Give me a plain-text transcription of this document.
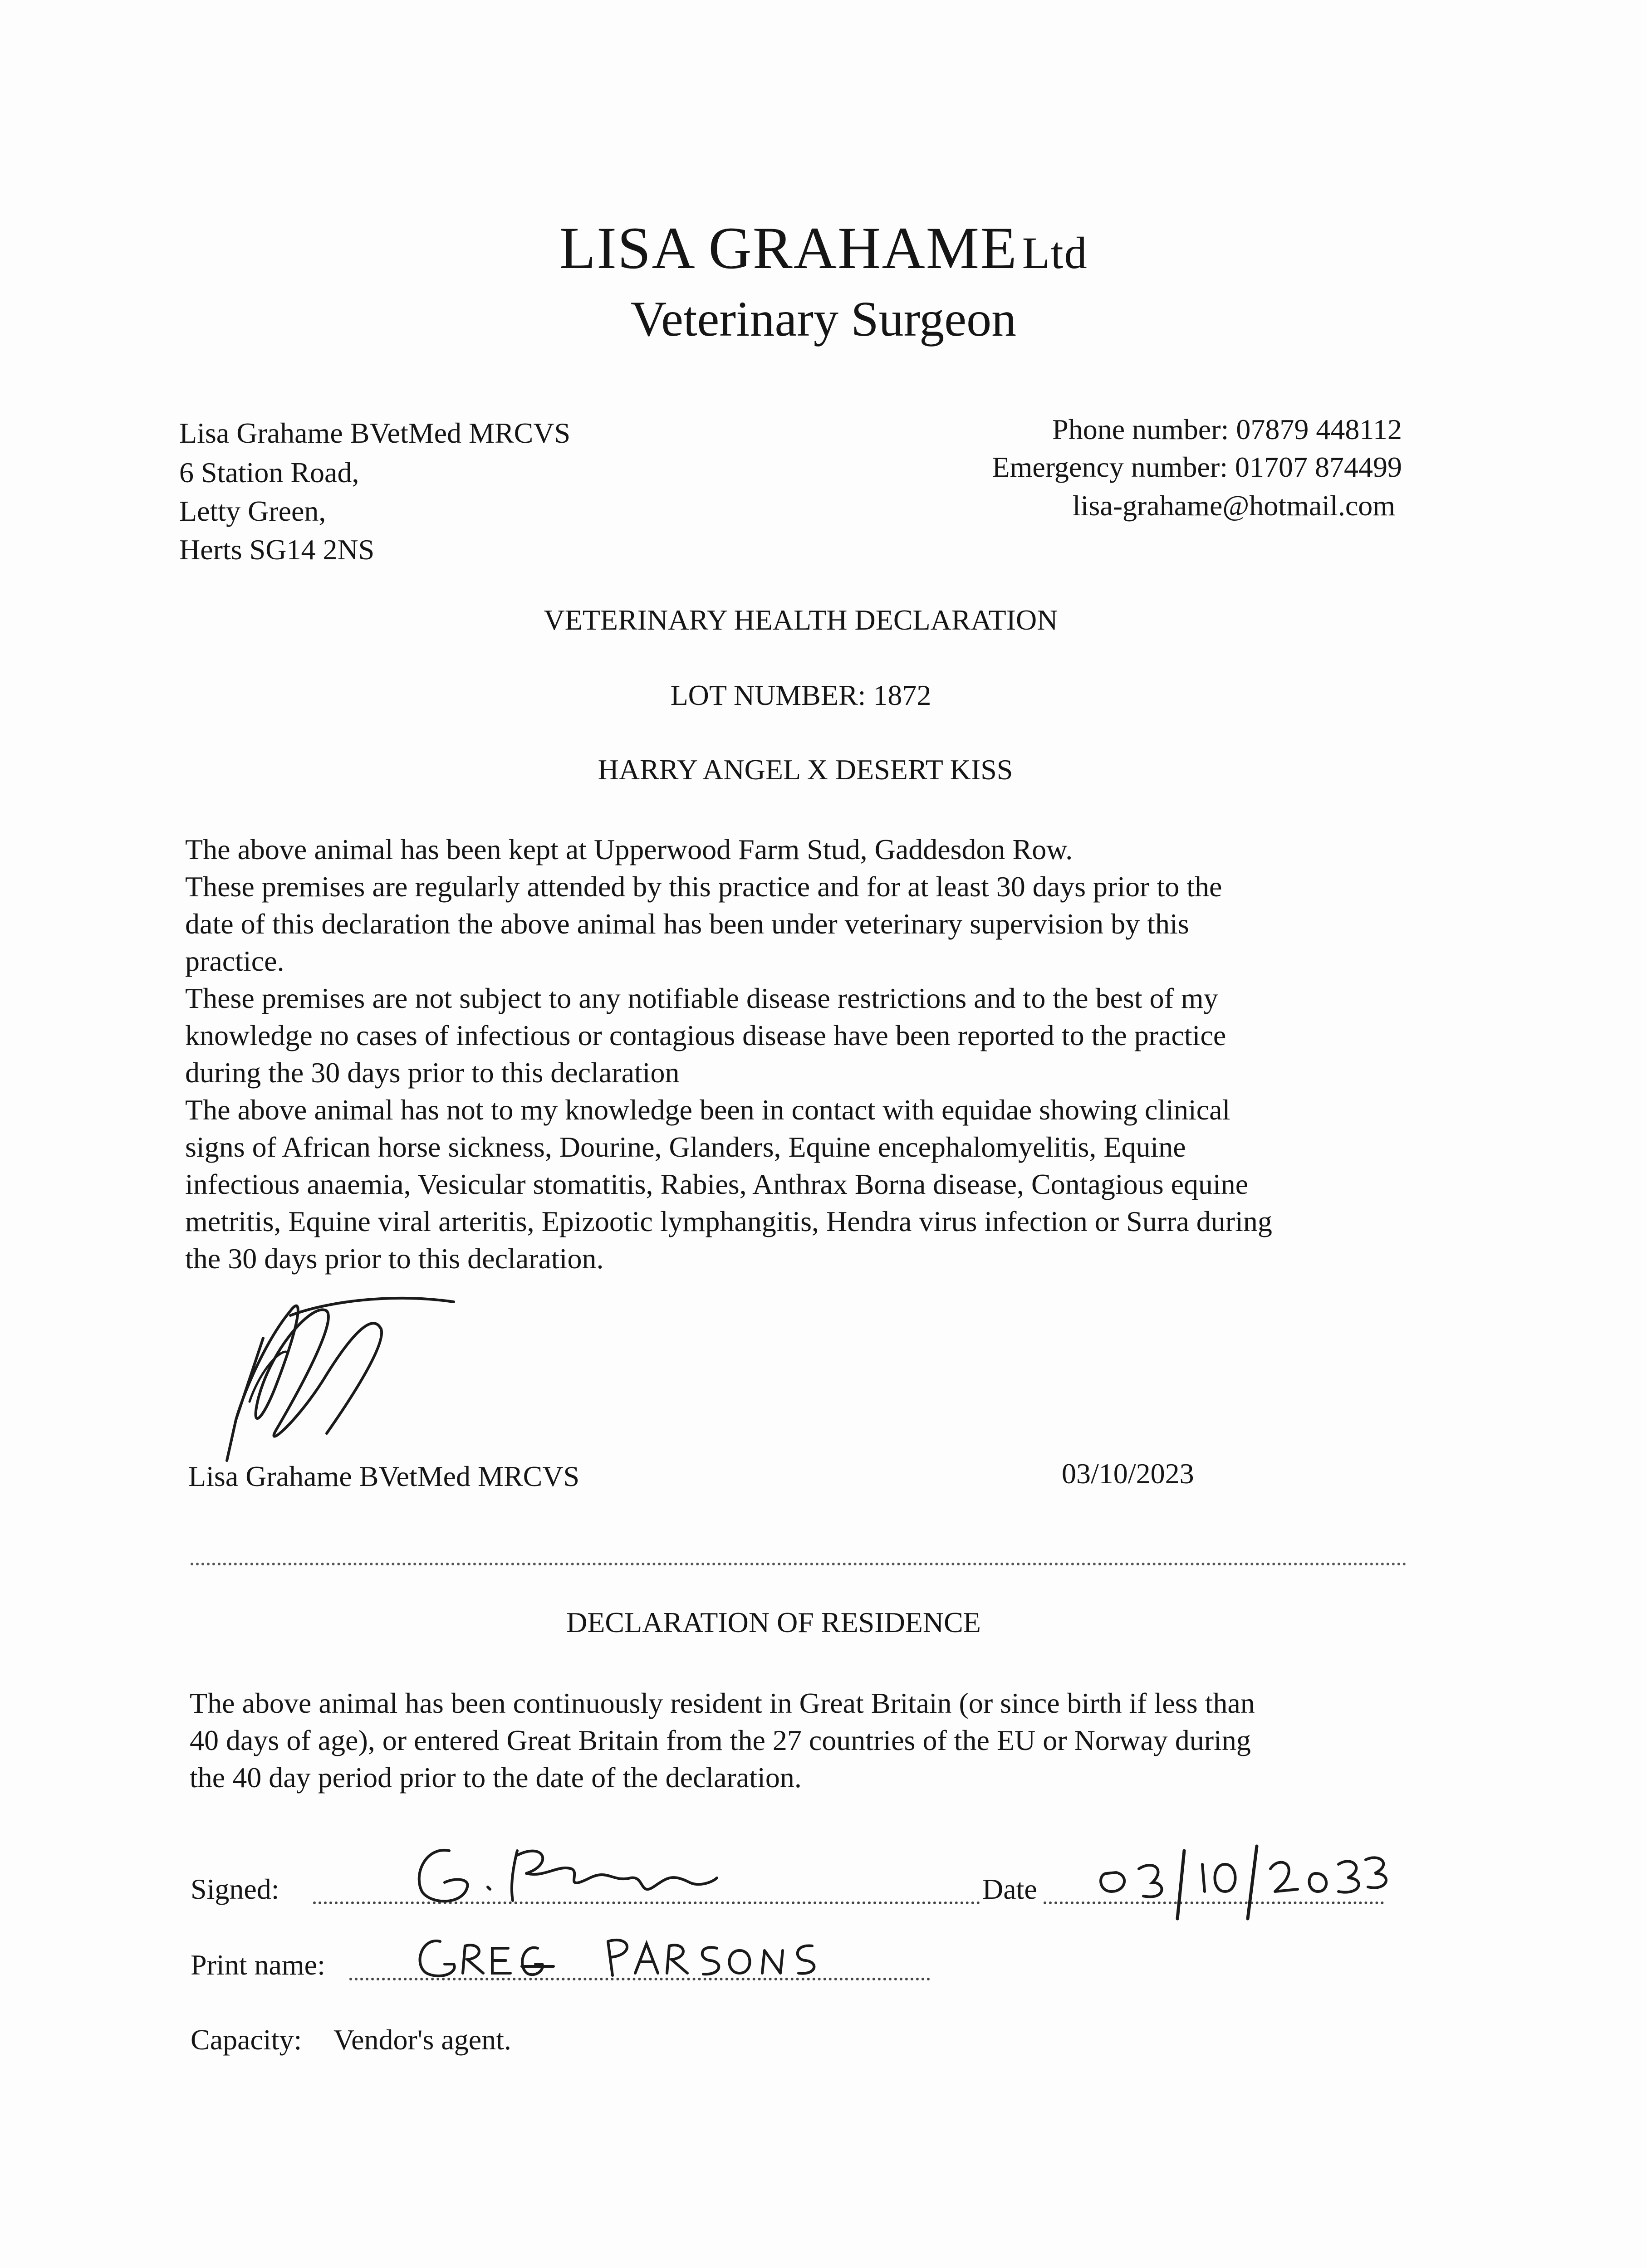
LISA GRAHAME Ltd
Veterinary Surgeon
Lisa Grahame BVetMed MRCVS
6 Station Road,
Letty Green,
Herts SG14 2NS
Phone number: 07879 448112
Emergency number: 01707 874499
lisa-grahame@hotmail.com
VETERINARY HEALTH DECLARATION
LOT NUMBER: 1872
HARRY ANGEL X DESERT KISS
The above animal has been kept at Upperwood Farm Stud, Gaddesdon Row.
These premises are regularly attended by this practice and for at least 30 days prior to the
date of this declaration the above animal has been under veterinary supervision by this
practice.
These premises are not subject to any notifiable disease restrictions and to the best of my
knowledge no cases of infectious or contagious disease have been reported to the practice
during the 30 days prior to this declaration
The above animal has not to my knowledge been in contact with equidae showing clinical
signs of African horse sickness, Dourine, Glanders, Equine encephalomyelitis, Equine
infectious anaemia, Vesicular stomatitis, Rabies, Anthrax Borna disease, Contagious equine
metritis, Equine viral arteritis, Epizootic lymphangitis, Hendra virus infection or Surra during
the 30 days prior to this declaration.
Lisa Grahame BVetMed MRCVS	03/10/2023
DECLARATION OF RESIDENCE
The above animal has been continuously resident in Great Britain (or since birth if less than
40 days of age), or entered Great Britain from the 27 countries of the EU or Norway during
the 40 day period prior to the date of the declaration.
Signed:	Date
Print name:
Capacity: Vendor's agent.
